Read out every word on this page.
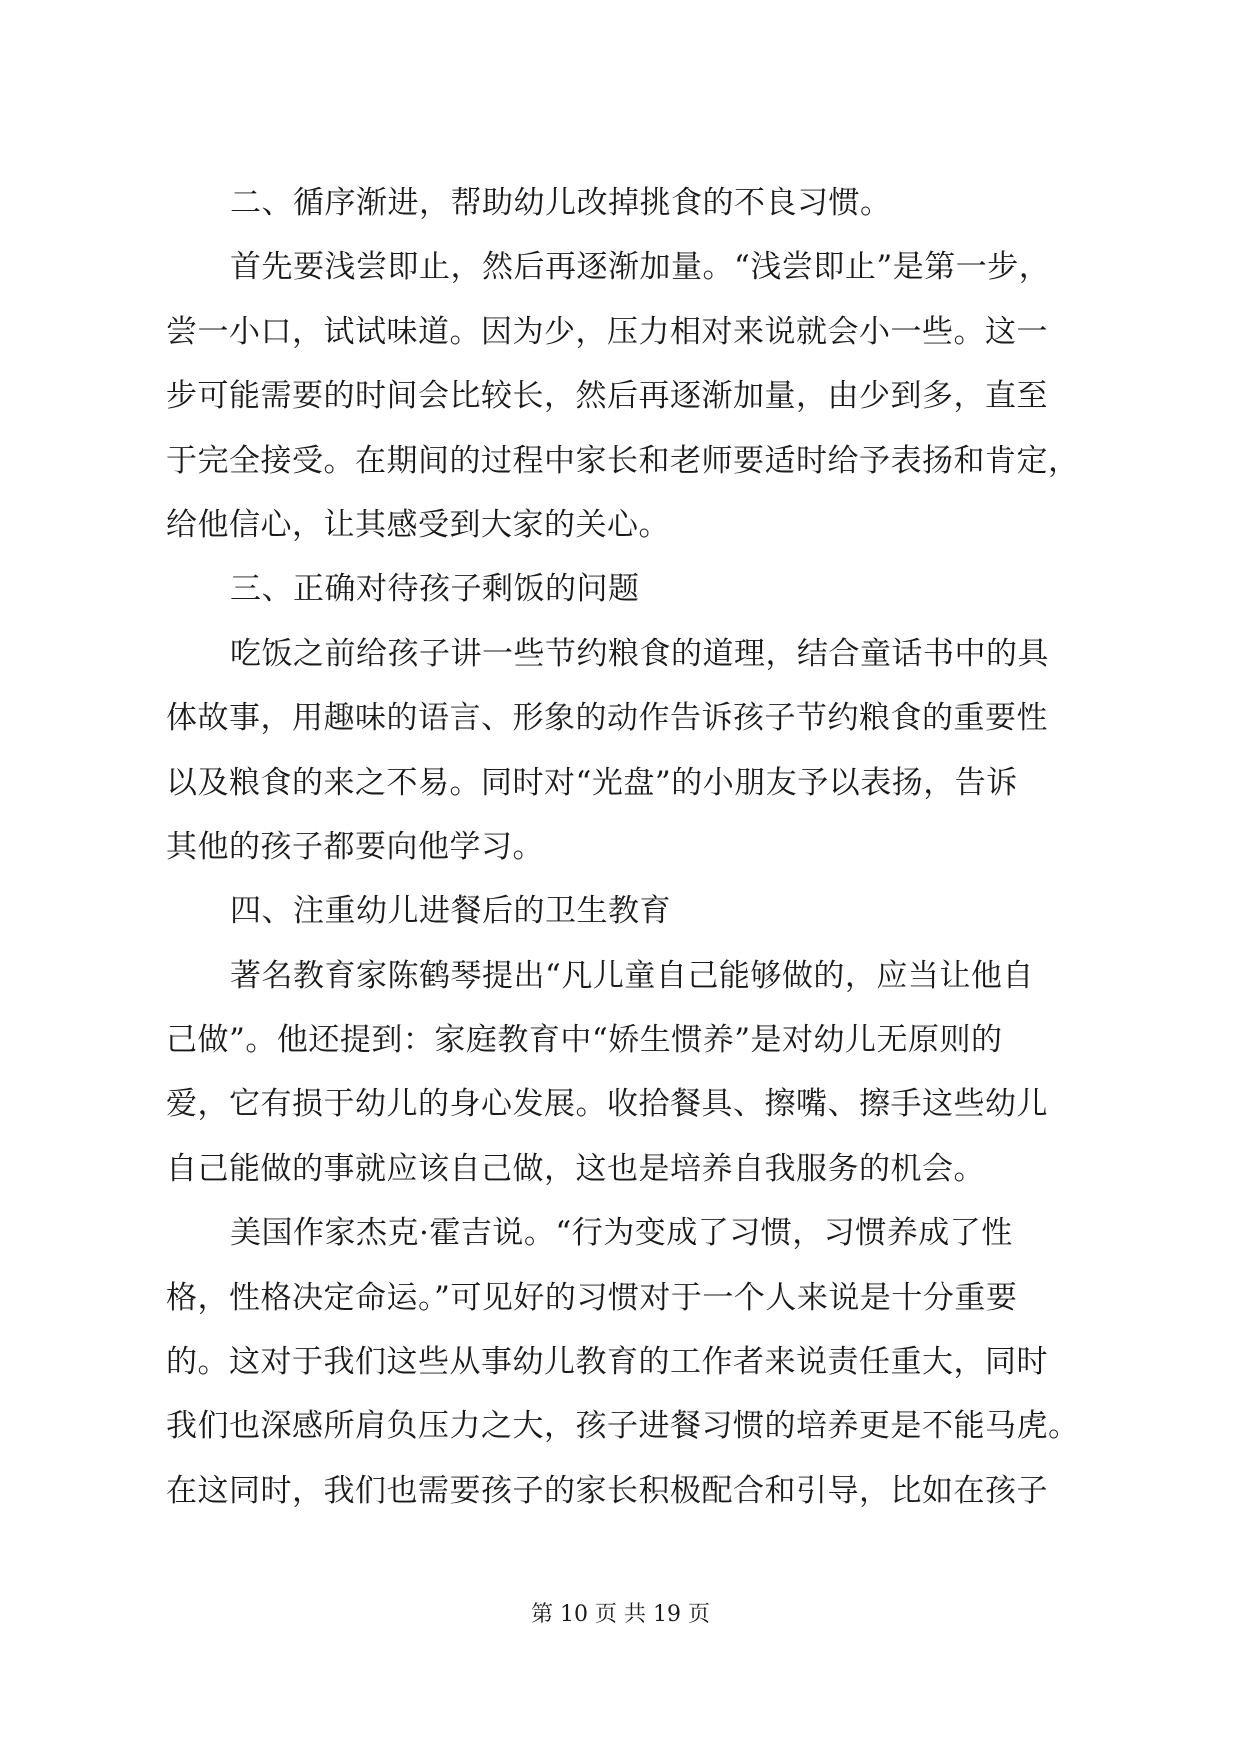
二、循序渐进，帮助幼儿改掉挑食的不良习惯。
首先要浅尝即止，然后再逐渐加量。“浅尝即止”是第一步，
尝一小口，试试味道。因为少，压力相对来说就会小一些。这一
步可能需要的时间会比较长，然后再逐渐加量，由少到多，直至
于完全接受。在期间的过程中家长和老师要适时给予表扬和肯定，
给他信心，让其感受到大家的关心。
三、正确对待孩子剩饭的问题
吃饭之前给孩子讲一些节约粮食的道理，结合童话书中的具
体故事，用趣味的语言、形象的动作告诉孩子节约粮食的重要性
以及粮食的来之不易。同时对“光盘”的小朋友予以表扬，告诉
其他的孩子都要向他学习。
四、注重幼儿进餐后的卫生教育
著名教育家陈鹤琴提出“凡儿童自己能够做的，应当让他自
己做”。他还提到：家庭教育中“娇生惯养”是对幼儿无原则的
爱，它有损于幼儿的身心发展。收拾餐具、擦嘴、擦手这些幼儿
自己能做的事就应该自己做，这也是培养自我服务的机会。
美国作家杰克·霍吉说。“行为变成了习惯，习惯养成了性
格，性格决定命运。”可见好的习惯对于一个人来说是十分重要
的。这对于我们这些从事幼儿教育的工作者来说责任重大，同时
我们也深感所肩负压力之大，孩子进餐习惯的培养更是不能马虎。
在这同时，我们也需要孩子的家长积极配合和引导，比如在孩子
第 10 页 共 19 页
